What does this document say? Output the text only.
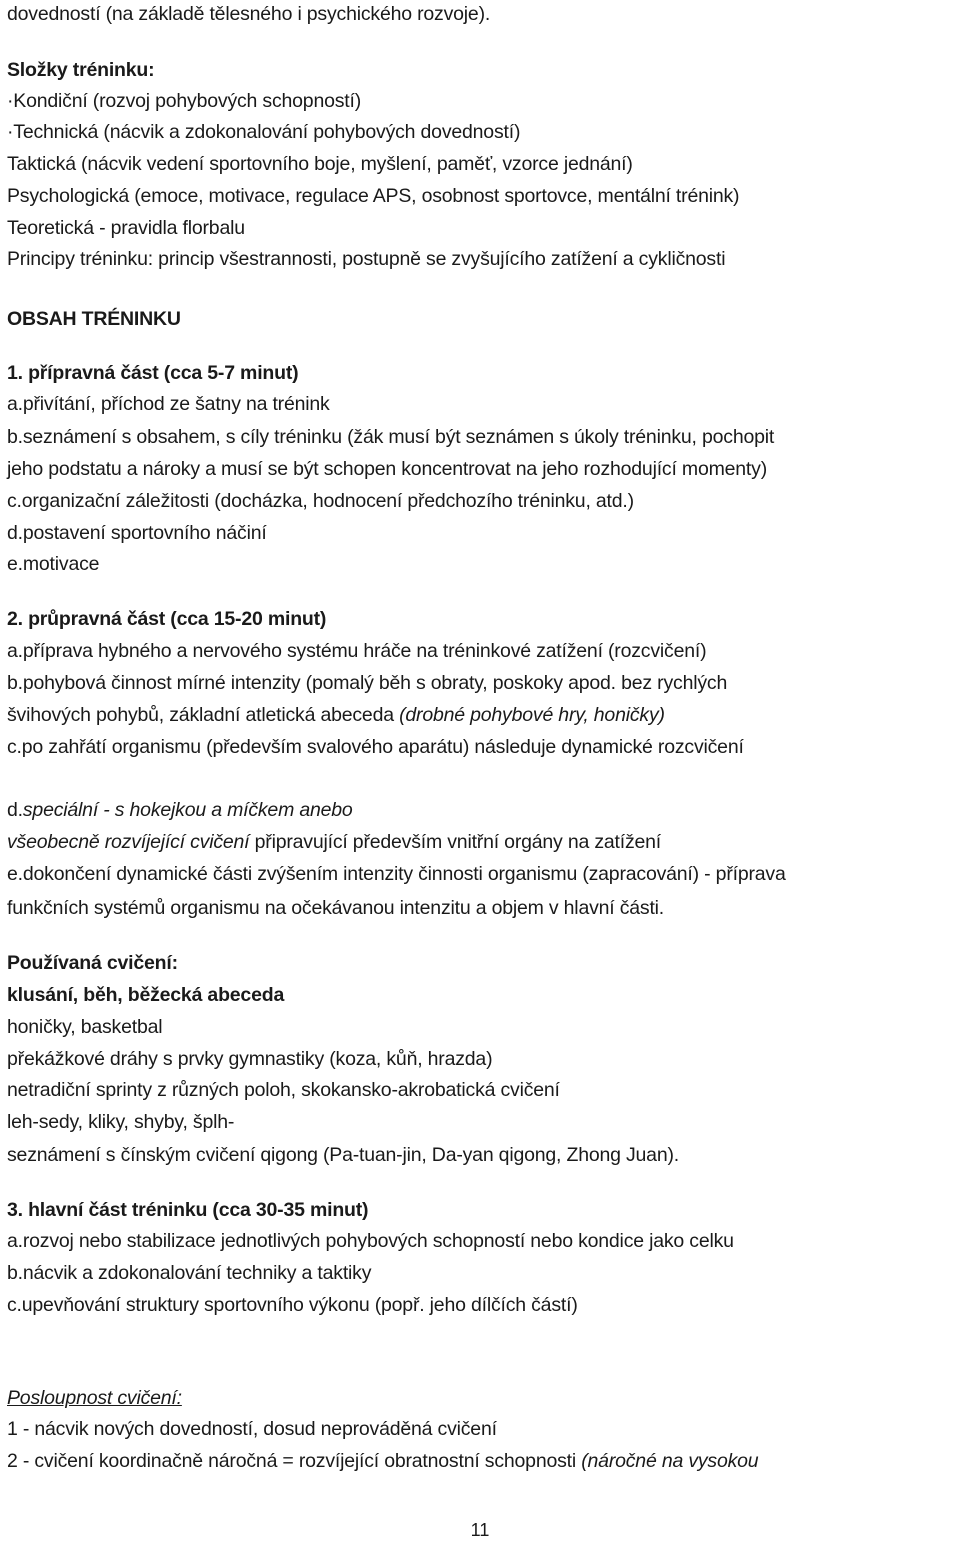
dovedností (na základě tělesného i psychického rozvoje).
Složky tréninku:
·Kondiční (rozvoj pohybových schopností)
·Technická (nácvik a zdokonalování pohybových dovedností)
Taktická (nácvik vedení sportovního boje, myšlení, paměť, vzorce jednání)
Psychologická (emoce, motivace, regulace APS, osobnost sportovce, mentální trénink)
Teoretická - pravidla florbalu
Principy tréninku: princip všestrannosti, postupně se zvyšujícího zatížení a cykličnosti
OBSAH TRÉNINKU
1. přípravná část (cca 5-7 minut)
a.přivítání, příchod ze šatny na trénink
b.seznámení s obsahem, s cíly tréninku (žák musí být seznámen s úkoly tréninku, pochopit
jeho podstatu a nároky a musí se být schopen koncentrovat na jeho rozhodující momenty)
c.organizační záležitosti (docházka, hodnocení předchozího tréninku, atd.)
d.postavení sportovního náčiní
e.motivace
2. průpravná část (cca 15-20 minut)
a.příprava hybného a nervového systému hráče na tréninkové zatížení (rozcvičení)
b.pohybová činnost mírné intenzity (pomalý běh s obraty, poskoky apod. bez rychlých
švihových pohybů, základní atletická abeceda (drobné pohybové hry, honičky)
c.po zahřátí organismu (především svalového aparátu) následuje dynamické rozcvičení
d.speciální - s hokejkou a míčkem anebo
všeobecně rozvíjející cvičení připravující především vnitřní orgány na zatížení
e.dokončení dynamické části zvýšením intenzity činnosti organismu (zapracování) - příprava
funkčních systémů organismu na očekávanou intenzitu a objem v hlavní části.
Používaná cvičení:
klusání, běh, běžecká abeceda
honičky, basketbal
překážkové dráhy s prvky gymnastiky (koza, kůň, hrazda)
netradiční sprinty z různých poloh, skokansko-akrobatická cvičení
leh-sedy, kliky, shyby, šplh-
seznámení s čínským cvičení qigong (Pa-tuan-jin, Da-yan qigong, Zhong Juan).
3. hlavní část tréninku (cca 30-35 minut)
a.rozvoj nebo stabilizace jednotlivých pohybových schopností nebo kondice jako celku
b.nácvik a zdokonalování techniky a taktiky
c.upevňování struktury sportovního výkonu (popř. jeho dílčích částí)
Posloupnost cvičení:
1 - nácvik nových dovedností, dosud neprováděná cvičení
2 - cvičení koordinačně náročná = rozvíjející obratnostní schopnosti (náročné na vysokou
11
